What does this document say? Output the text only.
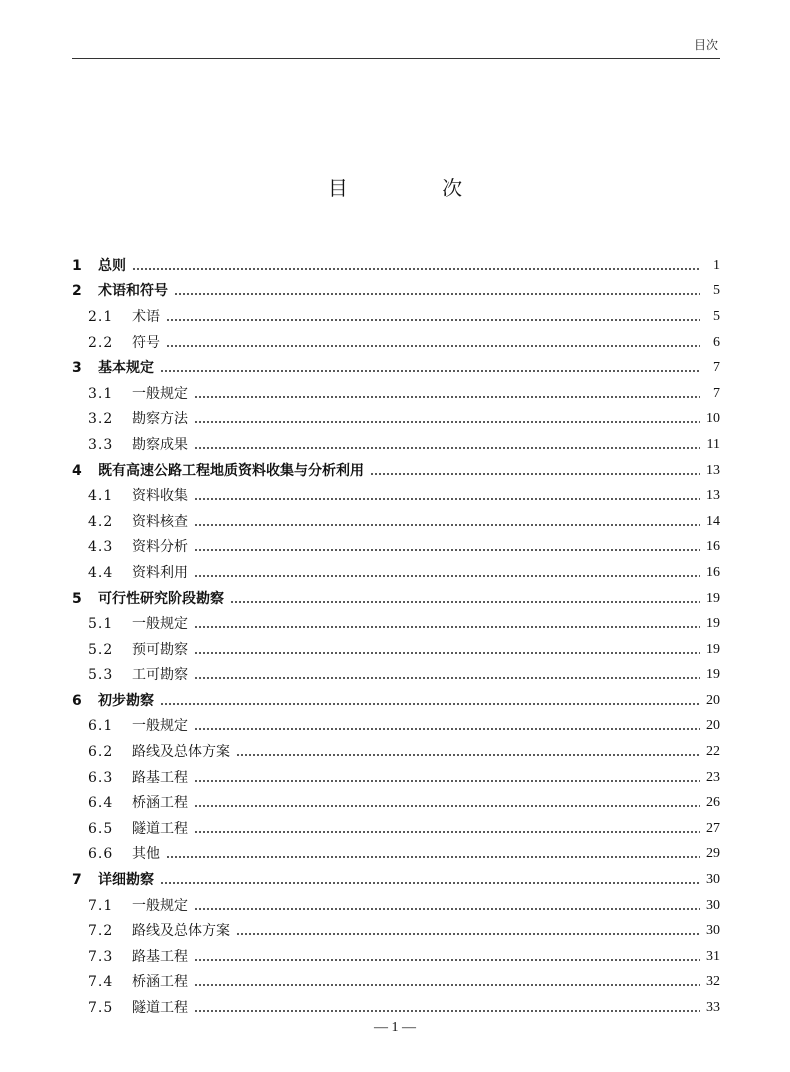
目次
目 次
1	总则	1
2	术语和符号	5
2.1	术语	5
2.2	符号	6
3	基本规定	7
3.1	一般规定	7
3.2	勘察方法	10
3.3	勘察成果	11
4	既有高速公路工程地质资料收集与分析利用	13
4.1	资料收集	13
4.2	资料核查	14
4.3	资料分析	16
4.4	资料利用	16
5	可行性研究阶段勘察	19
5.1	一般规定	19
5.2	预可勘察	19
5.3	工可勘察	19
6	初步勘察	20
6.1	一般规定	20
6.2	路线及总体方案	22
6.3	路基工程	23
6.4	桥涵工程	26
6.5	隧道工程	27
6.6	其他	29
7	详细勘察	30
7.1	一般规定	30
7.2	路线及总体方案	30
7.3	路基工程	31
7.4	桥涵工程	32
7.5	隧道工程	33
— 1 —
